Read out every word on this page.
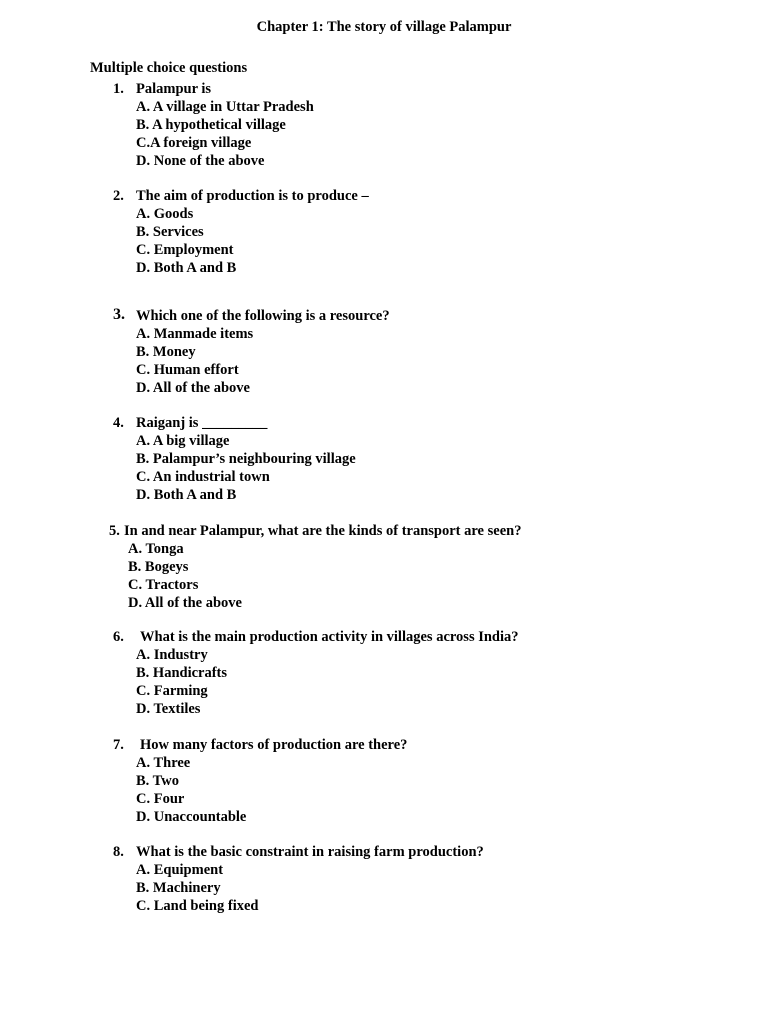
Chapter 1: The story of village Palampur
Multiple choice questions
1. Palampur is
A. A village in Uttar Pradesh
B. A hypothetical village
C.A foreign village
D. None of the above
2. The aim of production is to produce –
A. Goods
B. Services
C. Employment
D. Both A and B
3. Which one of the following is a resource?
A. Manmade items
B. Money
C. Human effort
D. All of the above
4. Raiganj is _________
A. A big village
B. Palampur’s neighbouring village
C. An industrial town
D. Both A and B
5. In and near Palampur, what are the kinds of transport are seen?
A. Tonga
B. Bogeys
C. Tractors
D. All of the above
6. What is the main production activity in villages across India?
A. Industry
B. Handicrafts
C. Farming
D. Textiles
7. How many factors of production are there?
A. Three
B. Two
C. Four
D. Unaccountable
8. What is the basic constraint in raising farm production?
A. Equipment
B. Machinery
C. Land being fixed
